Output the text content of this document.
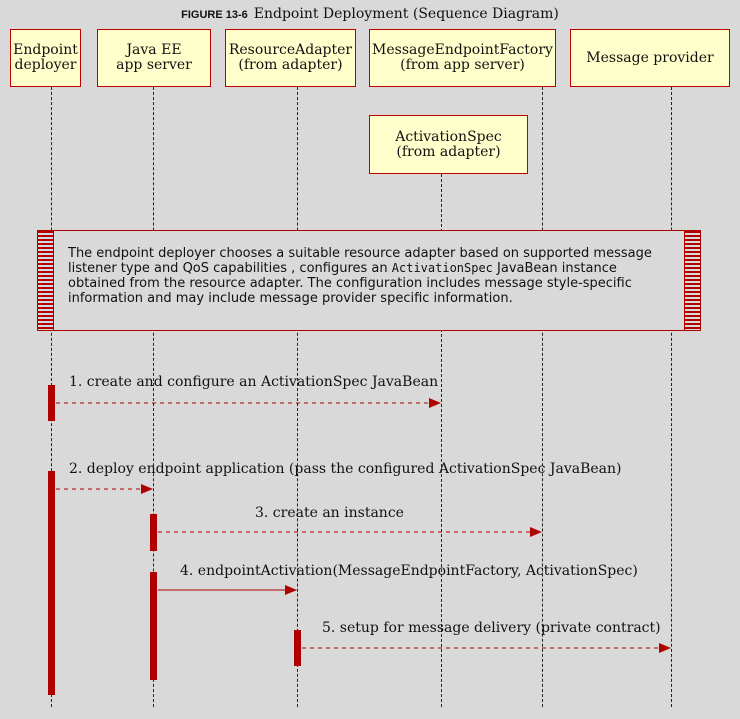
FIGURE 13-6 Endpoint Deployment (Sequence Diagram)
Endpoint
deployer
Java EE
app server
ResourceAdapter
(from adapter)
MessageEndpointFactory
(from app server)	Message provider
ActivationSpec
(from adapter)
The endpoint deployer chooses a suitable resource adapter based on supported message listener type and QoS capabilities , configures an ActivationSpec JavaBean instance obtained from the resource adapter. The configuration includes message style-specific information and may include message provider specific information.
1. create and configure an ActivationSpec JavaBean
2. deploy endpoint application (pass the configured ActivationSpec JavaBean)
3. create an instance
4. endpointActivation(MessageEndpointFactory, ActivationSpec)
5. setup for message delivery (private contract)
